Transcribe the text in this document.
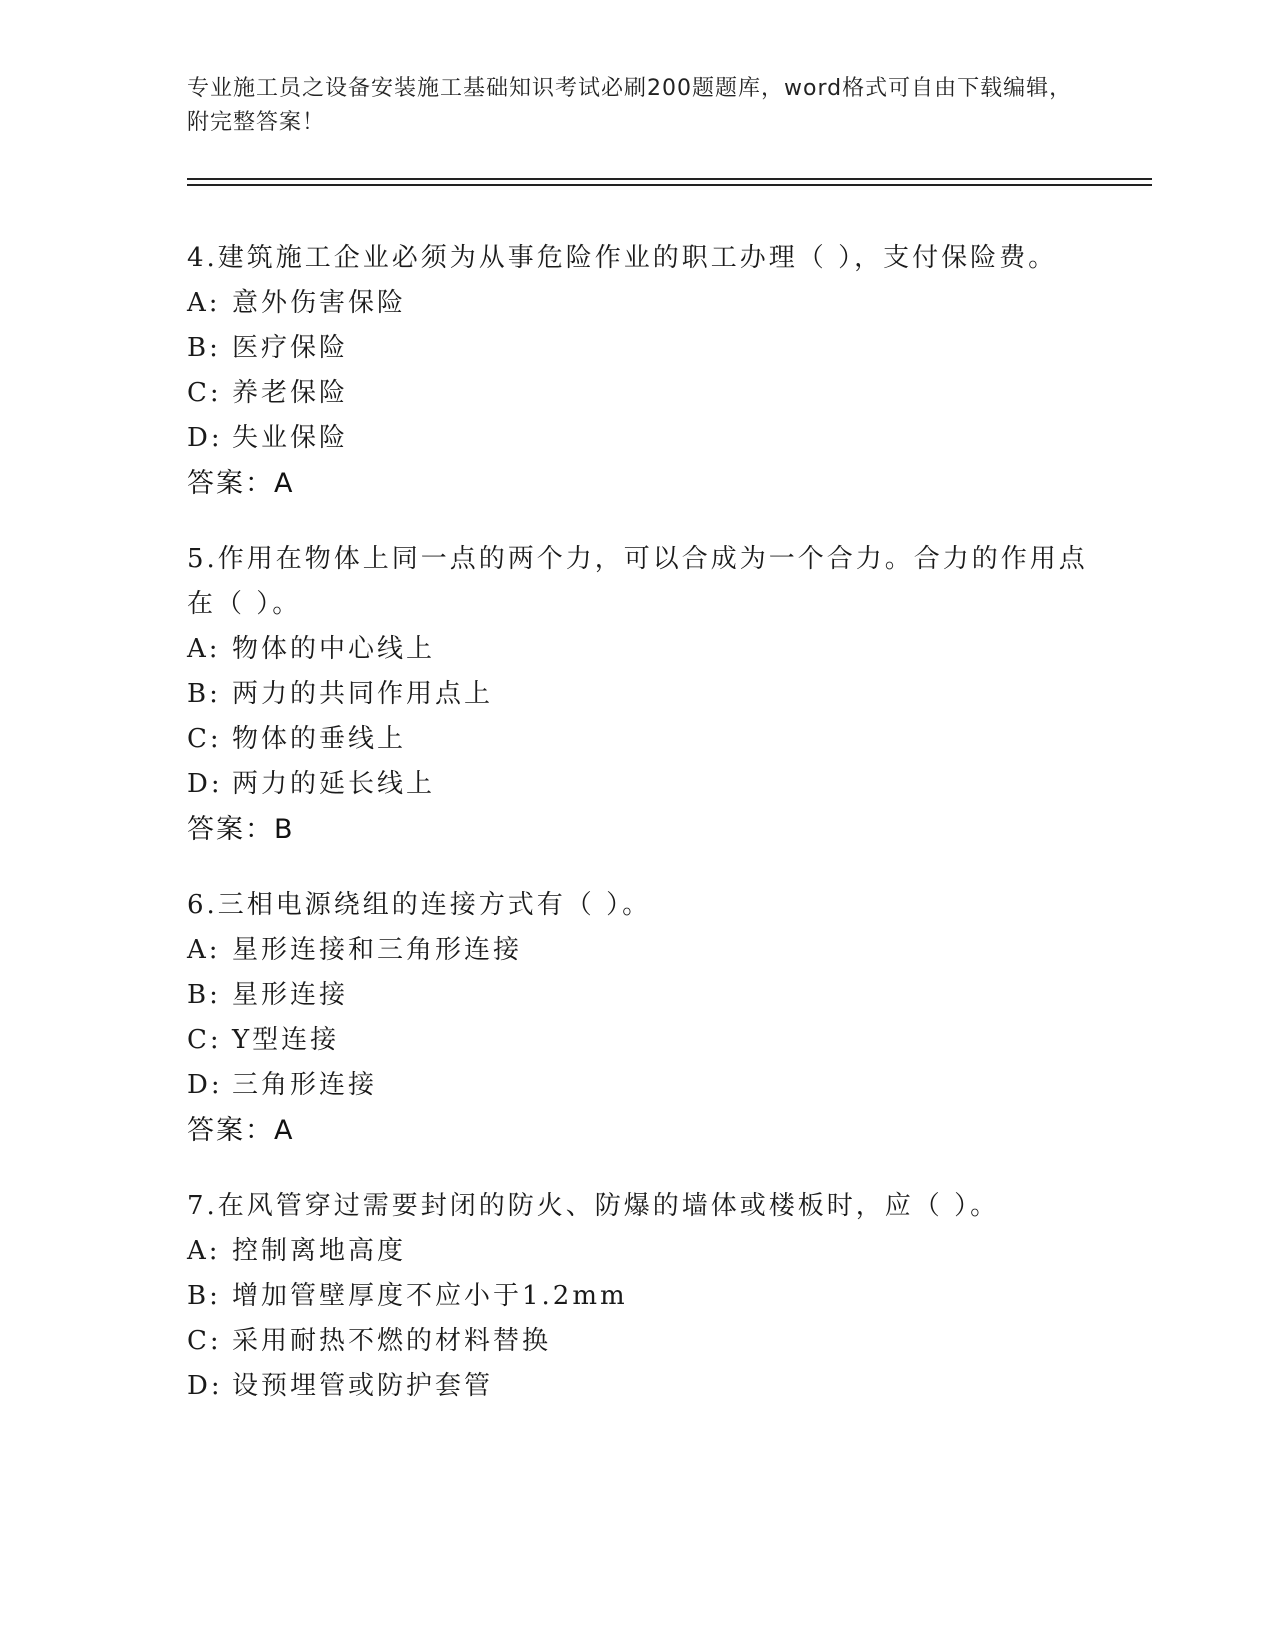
专业施工员之设备安装施工基础知识考试必刷200题题库，word格式可自由下载编辑，附完整答案！

4.建筑施工企业必须为从事危险作业的职工办理（ ），支付保险费。

A: 意外伤害保险

B: 医疗保险

C: 养老保险

D: 失业保险

答案：A

5.作用在物体上同一点的两个力，可以合成为一个合力。合力的作用点在（ ）。

A: 物体的中心线上

B: 两力的共同作用点上

C: 物体的垂线上

D: 两力的延长线上

答案：B

6.三相电源绕组的连接方式有（ ）。

A: 星形连接和三角形连接

B: 星形连接

C: Y型连接

D: 三角形连接

答案：A

7.在风管穿过需要封闭的防火、防爆的墙体或楼板时，应（ ）。

A: 控制离地高度

B: 增加管壁厚度不应小于1.2mm

C: 采用耐热不燃的材料替换

D: 设预埋管或防护套管
